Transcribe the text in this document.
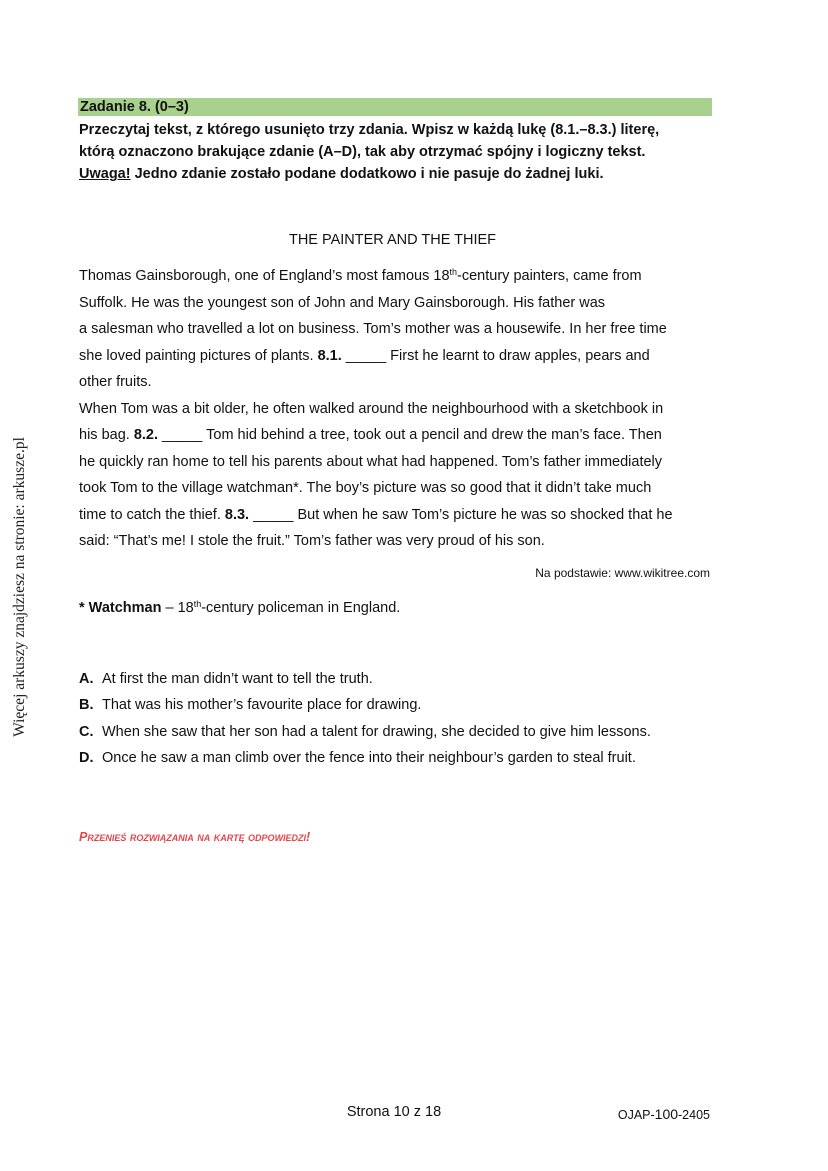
Więcej arkuszy znajdziesz na stronie: arkusze.pl
Zadanie 8. (0–3)
Przeczytaj tekst, z którego usunięto trzy zdania. Wpisz w każdą lukę (8.1.–8.3.) literę,
którą oznaczono brakujące zdanie (A–D), tak aby otrzymać spójny i logiczny tekst.
Uwaga! Jedno zdanie zostało podane dodatkowo i nie pasuje do żadnej luki.
THE PAINTER AND THE THIEF
Thomas Gainsborough, one of England’s most famous 18th-century painters, came from
Suffolk. He was the youngest son of John and Mary Gainsborough. His father was
a salesman who travelled a lot on business. Tom’s mother was a housewife. In her free time
she loved painting pictures of plants. 8.1. _____ First he learnt to draw apples, pears and
other fruits.
When Tom was a bit older, he often walked around the neighbourhood with a sketchbook in
his bag. 8.2. _____ Tom hid behind a tree, took out a pencil and drew the man’s face. Then
he quickly ran home to tell his parents about what had happened. Tom’s father immediately
took Tom to the village watchman*. The boy’s picture was so good that it didn’t take much
time to catch the thief. 8.3. _____ But when he saw Tom’s picture he was so shocked that he
said: “That’s me! I stole the fruit.” Tom’s father was very proud of his son.
Na podstawie: www.wikitree.com
* Watchman – 18th-century policeman in England.
A. At first the man didn’t want to tell the truth.
B. That was his mother’s favourite place for drawing.
C. When she saw that her son had a talent for drawing, she decided to give him lessons.
D. Once he saw a man climb over the fence into their neighbour’s garden to steal fruit.
Przenieś rozwiązania na kartę odpowiedzi!
Strona 10 z 18	OJAP-100-2405
